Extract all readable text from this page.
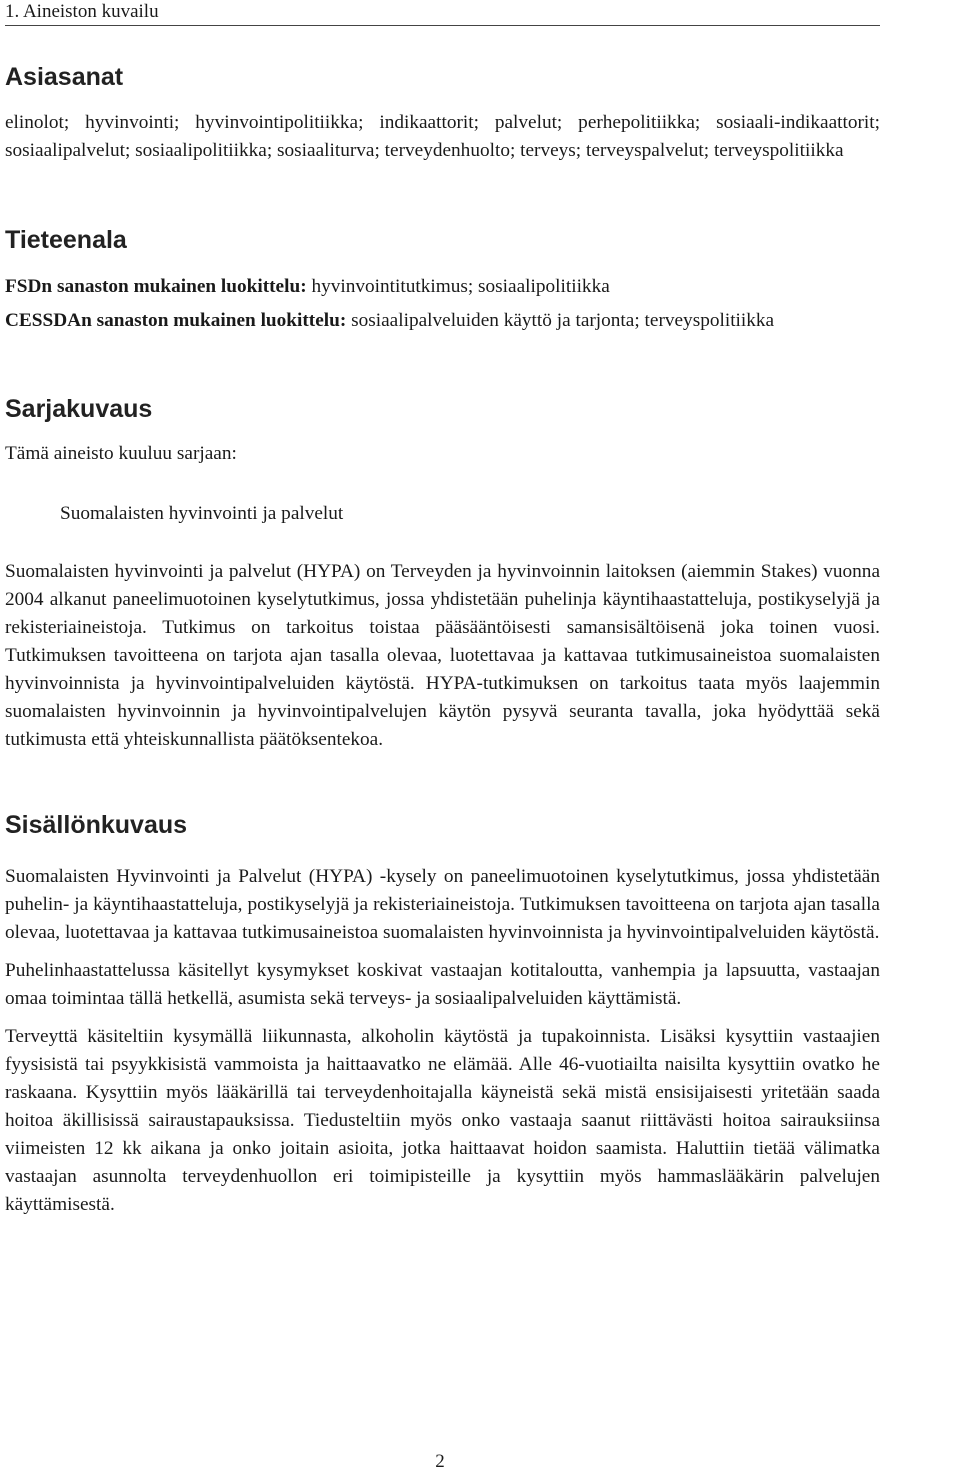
1. Aineiston kuvailu
Asiasanat

elinolot; hyvinvointi; hyvinvointipolitiikka; indikaattorit; palvelut; perhepolitiikka; sosiaali-indikaattorit; sosiaalipalvelut; sosiaalipolitiikka; sosiaaliturva; terveydenhuolto; terveys; terveyspalvelut; terveyspolitiikka

Tieteenala

FSDn sanaston mukainen luokittelu: hyvinvointitutkimus; sosiaalipolitiikka

CESSDAn sanaston mukainen luokittelu: sosiaalipalveluiden käyttö ja tarjonta; terveyspolitiikka

Sarjakuvaus

Tämä aineisto kuuluu sarjaan:

Suomalaisten hyvinvointi ja palvelut

Suomalaisten hyvinvointi ja palvelut (HYPA) on Terveyden ja hyvinvoinnin laitoksen (aiemmin Stakes) vuonna 2004 alkanut paneelimuotoinen kyselytutkimus, jossa yhdistetään puhelinja käyntihaastatteluja, postikyselyjä ja rekisteriaineistoja. Tutkimus on tarkoitus toistaa pääsääntöisesti samansisältöisenä joka toinen vuosi. Tutkimuksen tavoitteena on tarjota ajan tasalla olevaa, luotettavaa ja kattavaa tutkimusaineistoa suomalaisten hyvinvoinnista ja hyvinvointipalveluiden käytöstä. HYPA-tutkimuksen on tarkoitus taata myös laajemmin suomalaisten hyvinvoinnin ja hyvinvointipalvelujen käytön pysyvä seuranta tavalla, joka hyödyttää sekä tutkimusta että yhteiskunnallista päätöksentekoa.

Sisällönkuvaus

Suomalaisten Hyvinvointi ja Palvelut (HYPA) -kysely on paneelimuotoinen kyselytutkimus, jossa yhdistetään puhelin- ja käyntihaastatteluja, postikyselyjä ja rekisteriaineistoja. Tutkimuksen tavoitteena on tarjota ajan tasalla olevaa, luotettavaa ja kattavaa tutkimusaineistoa suomalaisten hyvinvoinnista ja hyvinvointipalveluiden käytöstä.

Puhelinhaastattelussa käsitellyt kysymykset koskivat vastaajan kotitaloutta, vanhempia ja lapsuutta, vastaajan omaa toimintaa tällä hetkellä, asumista sekä terveys- ja sosiaalipalveluiden käyttämistä.

Terveyttä käsiteltiin kysymällä liikunnasta, alkoholin käytöstä ja tupakoinnista. Lisäksi kysyttiin vastaajien fyysisistä tai psyykkisistä vammoista ja haittaavatko ne elämää. Alle 46-vuotiailta naisilta kysyttiin ovatko he raskaana. Kysyttiin myös lääkärillä tai terveydenhoitajalla käyneistä sekä mistä ensisijaisesti yritetään saada hoitoa äkillisissä sairaustapauksissa. Tiedusteltiin myös onko vastaaja saanut riittävästi hoitoa sairauksiinsa viimeisten 12 kk aikana ja onko joitain asioita, jotka haittaavat hoidon saamista. Haluttiin tietää välimatka vastaajan asunnolta terveydenhuollon eri toimipisteille ja kysyttiin myös hammaslääkärin palvelujen käyttämisestä.

2
